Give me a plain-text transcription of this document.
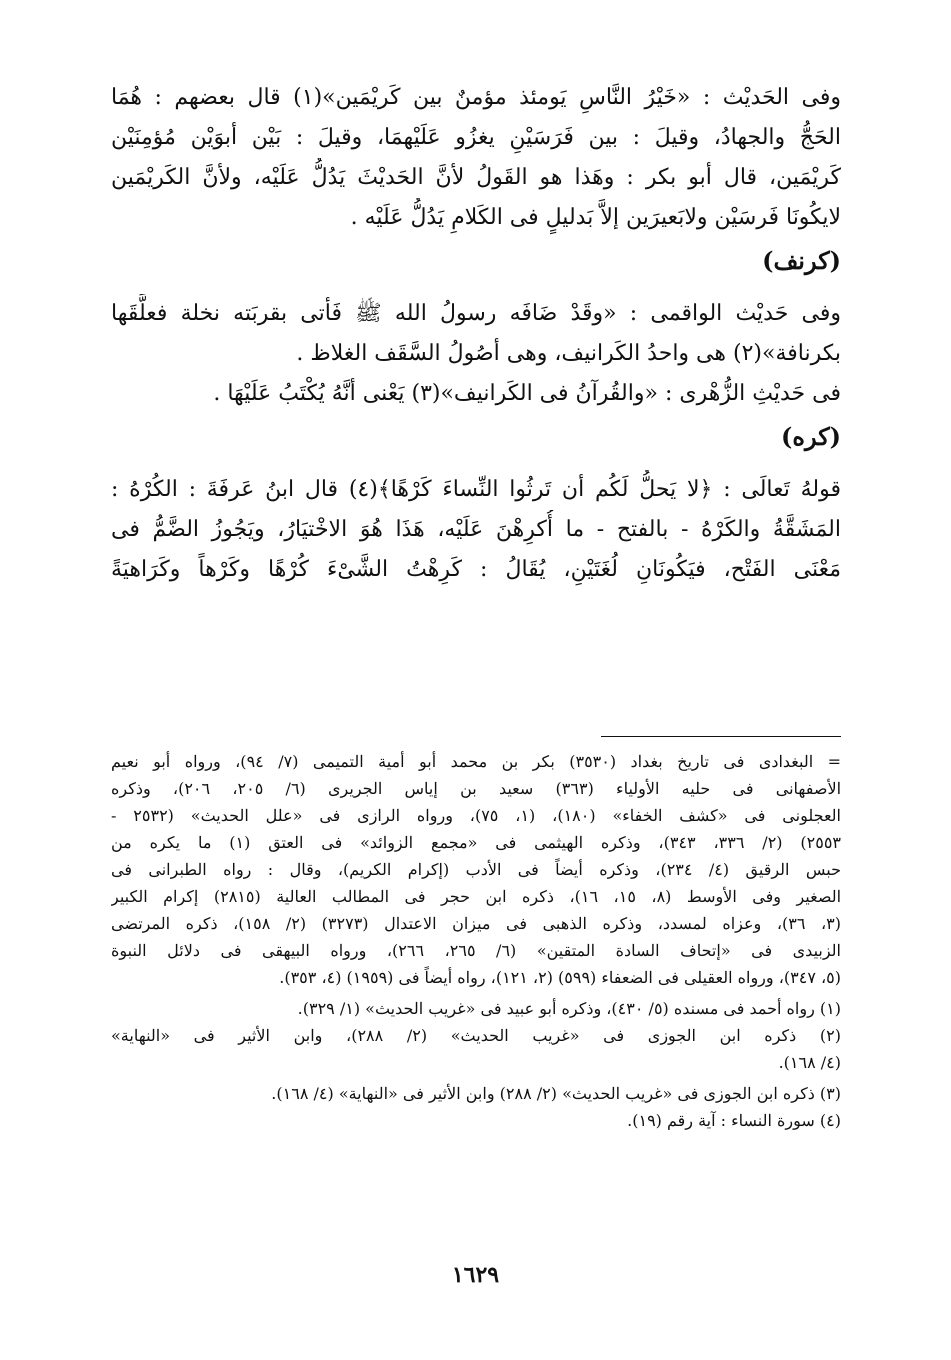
وفى الحَديْث : «خَيْرُ النَّاسِ يَومئذ مؤمنٌ بين كَريْمَين»(١) قال بعضهم : هُمَا
الحَجُّ والجهادُ، وقيلَ : بين فَرَسَيْنِ يغزُو عَلَيْهمَا، وقيلَ : بَيْن أبوَيْن مُؤمِنَيْن
كَريْمَين، قال أبو بكر : وهَذا هو القَولُ لأنَّ الحَديْثَ يَدُلُّ عَلَيْه، ولأنَّ الكَريْمَين
لايكُونَا فَرسَيْن ولابَعيرَين إلاَّ بَدليلٍ فى الكَلامِ يَدُلُّ عَلَيْه .
(كرنف)
وفى حَديْث الواقمى : «وقَدْ ضَافَه رسولُ الله ﷺ فَأتى بقربَته نخلة فعلَّقَها
بكرنافة»(٢) هى واحدُ الكَرانيف، وهى أصُولُ السَّقَف الغلاظ .
فى حَديْثِ الزُّهْرى : «والقُرآنُ فى الكَرانيف»(٣) يَعْنى أنَّهُ يُكْتَبُ عَلَيْهَا .
(كره)
قولهُ تَعالَى : ﴿لا يَحلُّ لَكُم أن تَرثُوا النِّساءَ كَرْهًا﴾(٤) قال ابنُ عَرفَةَ : الكُرْهُ :
المَشَقَّةُ والكَرْهُ - بالفتح - ما أُكرِهْنَ عَلَيْه، هَذَا هُوَ الاخْتيَارُ، ويَجُوزُ الضَّمُّ فى
مَعْنَى الفَتْح، فيَكُونَانِ لُغَتَيْنِ، يُقَالُ : كَرِهْتُ الشَّىْءَ كُرْهًا وكَرْهاً وكَرَاهيَةً
= البغدادى فى تاريخ بغداد (٣٥٣٠) بكر بن محمد أبو أمية التميمى (٧/ ٩٤)، ورواه أبو نعيم
الأصفهانى فى حليه الأولياء (٣٦٣) سعيد بن إياس الجريرى (٦/ ٢٠٥، ٢٠٦)، وذكره
العجلونى فى «كشف الخفاء» (١٨٠)، (١، ٧٥)، ورواه الرازى فى «علل الحديث» (٢٥٣٢ -
٢٥٥٣) (٢/ ٣٣٦، ٣٤٣)، وذكره الهيثمى فى «مجمع الزوائد» فى العتق (١) ما يكره من
حبس الرقيق (٤/ ٢٣٤)، وذكره أيضاً فى الأدب (إكرام الكريم)، وقال : رواه الطبرانى فى
الصغير وفى الأوسط (٨، ١٥، ١٦)، ذكره ابن حجر فى المطالب العالية (٢٨١٥) إكرام الكبير
(٣، ٣٦)، وعزاه لمسدد، وذكره الذهبى فى ميزان الاعتدال (٣٢٧٣) (٢/ ١٥٨)، ذكره المرتضى
الزبيدى فى «إتحاف السادة المتقين» (٦/ ٢٦٥، ٢٦٦)، ورواه البيهقى فى دلائل النبوة
(٥، ٣٤٧)، ورواه العقيلى فى الضعفاء (٥٩٩) (٢، ١٢١)، رواه أيضاً فى (١٩٥٩) (٤، ٣٥٣).
(١) رواه أحمد فى مسنده (٥/ ٤٣٠)، وذكره أبو عبيد فى «غريب الحديث» (١/ ٣٢٩).
(٢) ذكره ابن الجوزى فى «غريب الحديث» (٢/ ٢٨٨)، وابن الأثير فى «النهاية»
(٤/ ١٦٨).
(٣) ذكره ابن الجوزى فى «غريب الحديث» (٢/ ٢٨٨) وابن الأثير فى «النهاية» (٤/ ١٦٨).
(٤) سورة النساء : آية رقم (١٩).
١٦٢٩
